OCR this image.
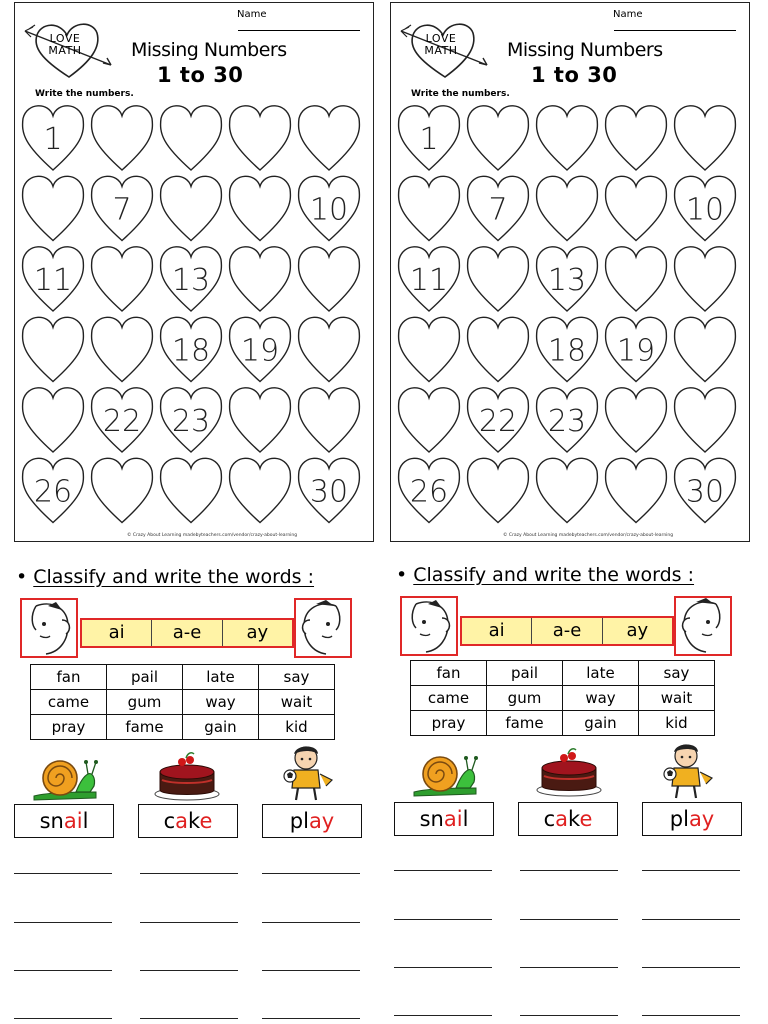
Name
LOVE MATH	Missing Numbers
1 to 30
Write the numbers.
1
7	10
11	13
18 19
22 23
26	30
© Crazy About Learning madebyteachers.com/vendor/crazy-about-learning
Name
LOVE MATH	Missing Numbers
1 to 30
Write the numbers.
1
7	10
11	13
18 19
22 23
26	30
© Crazy About Learning madebyteachers.com/vendor/crazy-about-learning
• Classify and write the words :
ai	a-e	ay
fan	pail	late	say
came	gum	way	wait
pray	fame	gain	kid
snail	cake	play
• Classify and write the words :
ai	a-e	ay
fan	pail	late	say
came	gum	way	wait
pray	fame	gain	kid
snail	cake	play
